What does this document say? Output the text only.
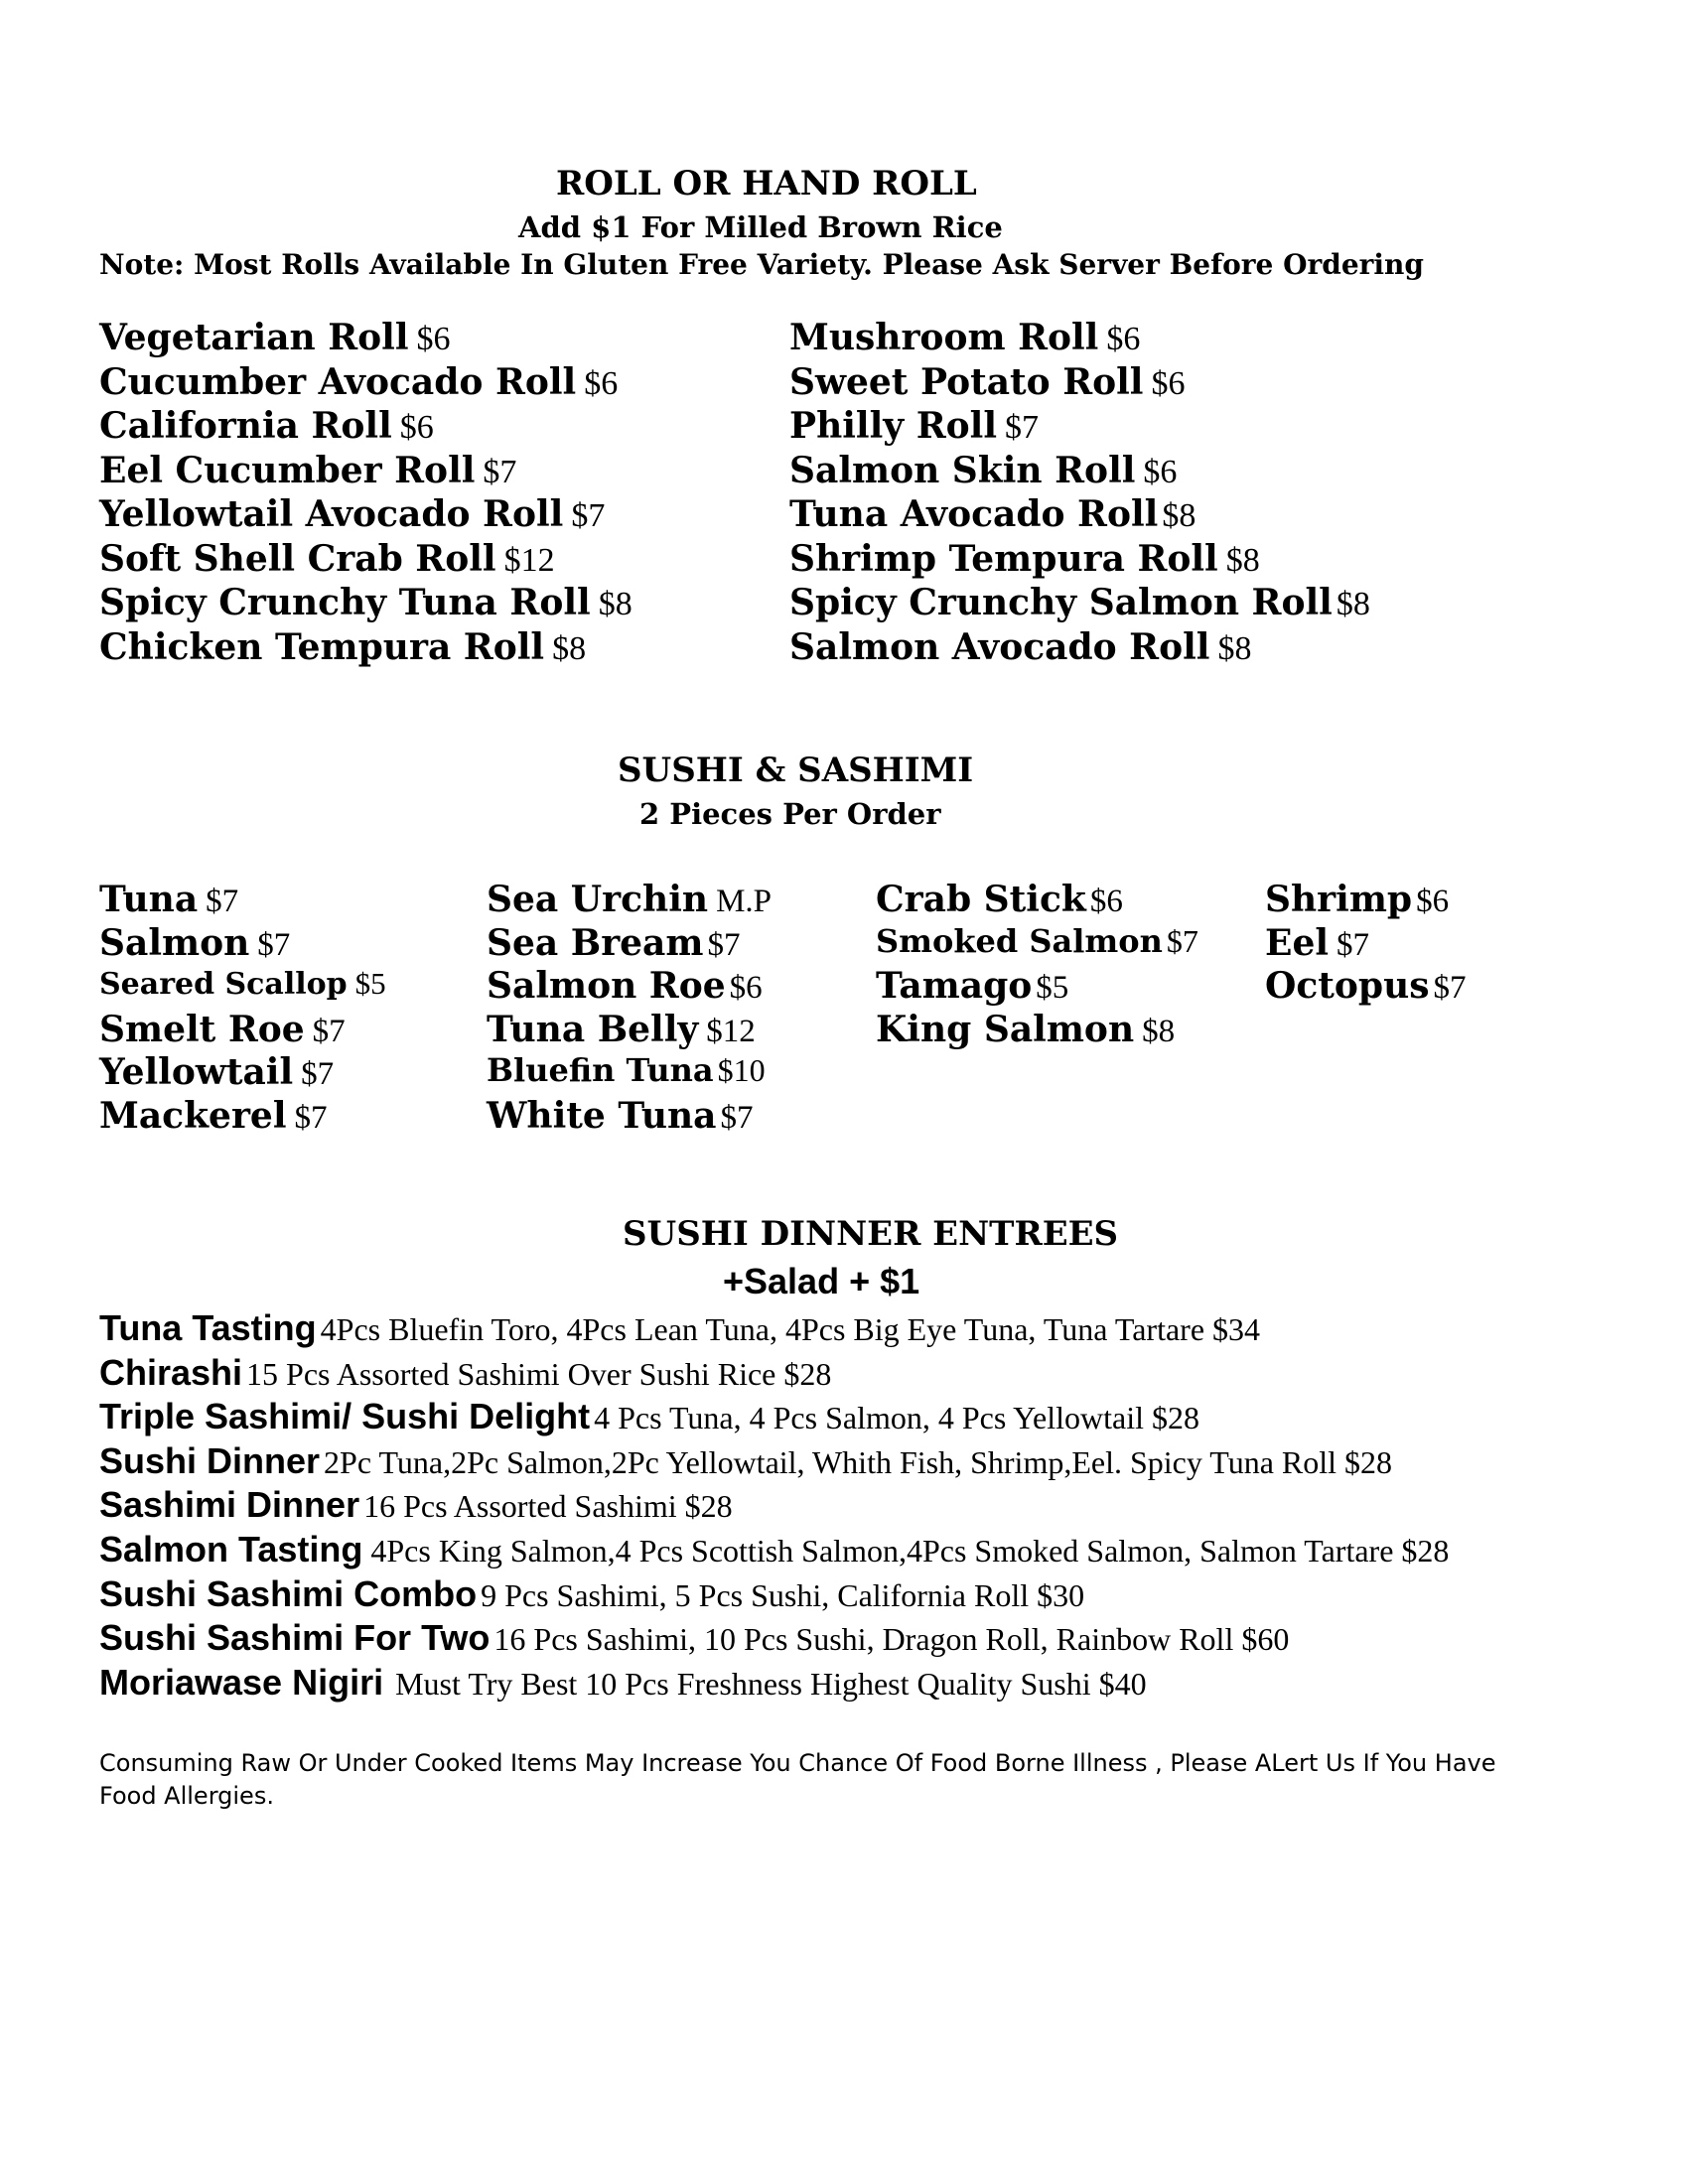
ROLL OR HAND ROLL
Add $1 For Milled Brown Rice
Note: Most Rolls Available In Gluten Free Variety. Please Ask Server Before Ordering
Vegetarian Roll $6
Cucumber Avocado Roll $6
California Roll $6
Eel Cucumber Roll $7
Yellowtail Avocado Roll $7
Soft Shell Crab Roll $12
Spicy Crunchy Tuna Roll $8
Chicken Tempura Roll $8
Mushroom Roll $6
Sweet Potato Roll $6
Philly Roll $7
Salmon Skin Roll $6
Tuna Avocado Roll $8
Shrimp Tempura Roll $8
Spicy Crunchy Salmon Roll $8
Salmon Avocado Roll $8
SUSHI & SASHIMI
2 Pieces Per Order
Tuna $7
Salmon $7
Seared Scallop $5
Smelt Roe $7
Yellowtail $7
Mackerel $7
Sea Urchin M.P
Sea Bream $7
Salmon Roe $6
Tuna Belly $12
Bluefin Tuna $10
White Tuna $7
Crab Stick $6
Smoked Salmon $7
Tamago $5
King Salmon $8
Shrimp $6
Eel $7
Octopus $7
SUSHI DINNER ENTREES
+Salad + $1
Tuna Tasting 4Pcs Bluefin Toro, 4Pcs Lean Tuna, 4Pcs Big Eye Tuna, Tuna Tartare $34
Chirashi 15 Pcs Assorted Sashimi Over Sushi Rice $28
Triple Sashimi/ Sushi Delight 4 Pcs Tuna, 4 Pcs Salmon, 4 Pcs Yellowtail $28
Sushi Dinner 2Pc Tuna,2Pc Salmon,2Pc Yellowtail, Whith Fish, Shrimp,Eel. Spicy Tuna Roll $28
Sashimi Dinner 16 Pcs Assorted Sashimi $28
Salmon Tasting 4Pcs King Salmon,4 Pcs Scottish Salmon,4Pcs Smoked Salmon, Salmon Tartare $28
Sushi Sashimi Combo 9 Pcs Sashimi, 5 Pcs Sushi, California Roll $30
Sushi Sashimi For Two 16 Pcs Sashimi, 10 Pcs Sushi, Dragon Roll, Rainbow Roll $60
Moriawase Nigiri Must Try Best 10 Pcs Freshness Highest Quality Sushi $40
Consuming Raw Or Under Cooked Items May Increase You Chance Of Food Borne Illness , Please ALert Us If You Have Food Allergies.
